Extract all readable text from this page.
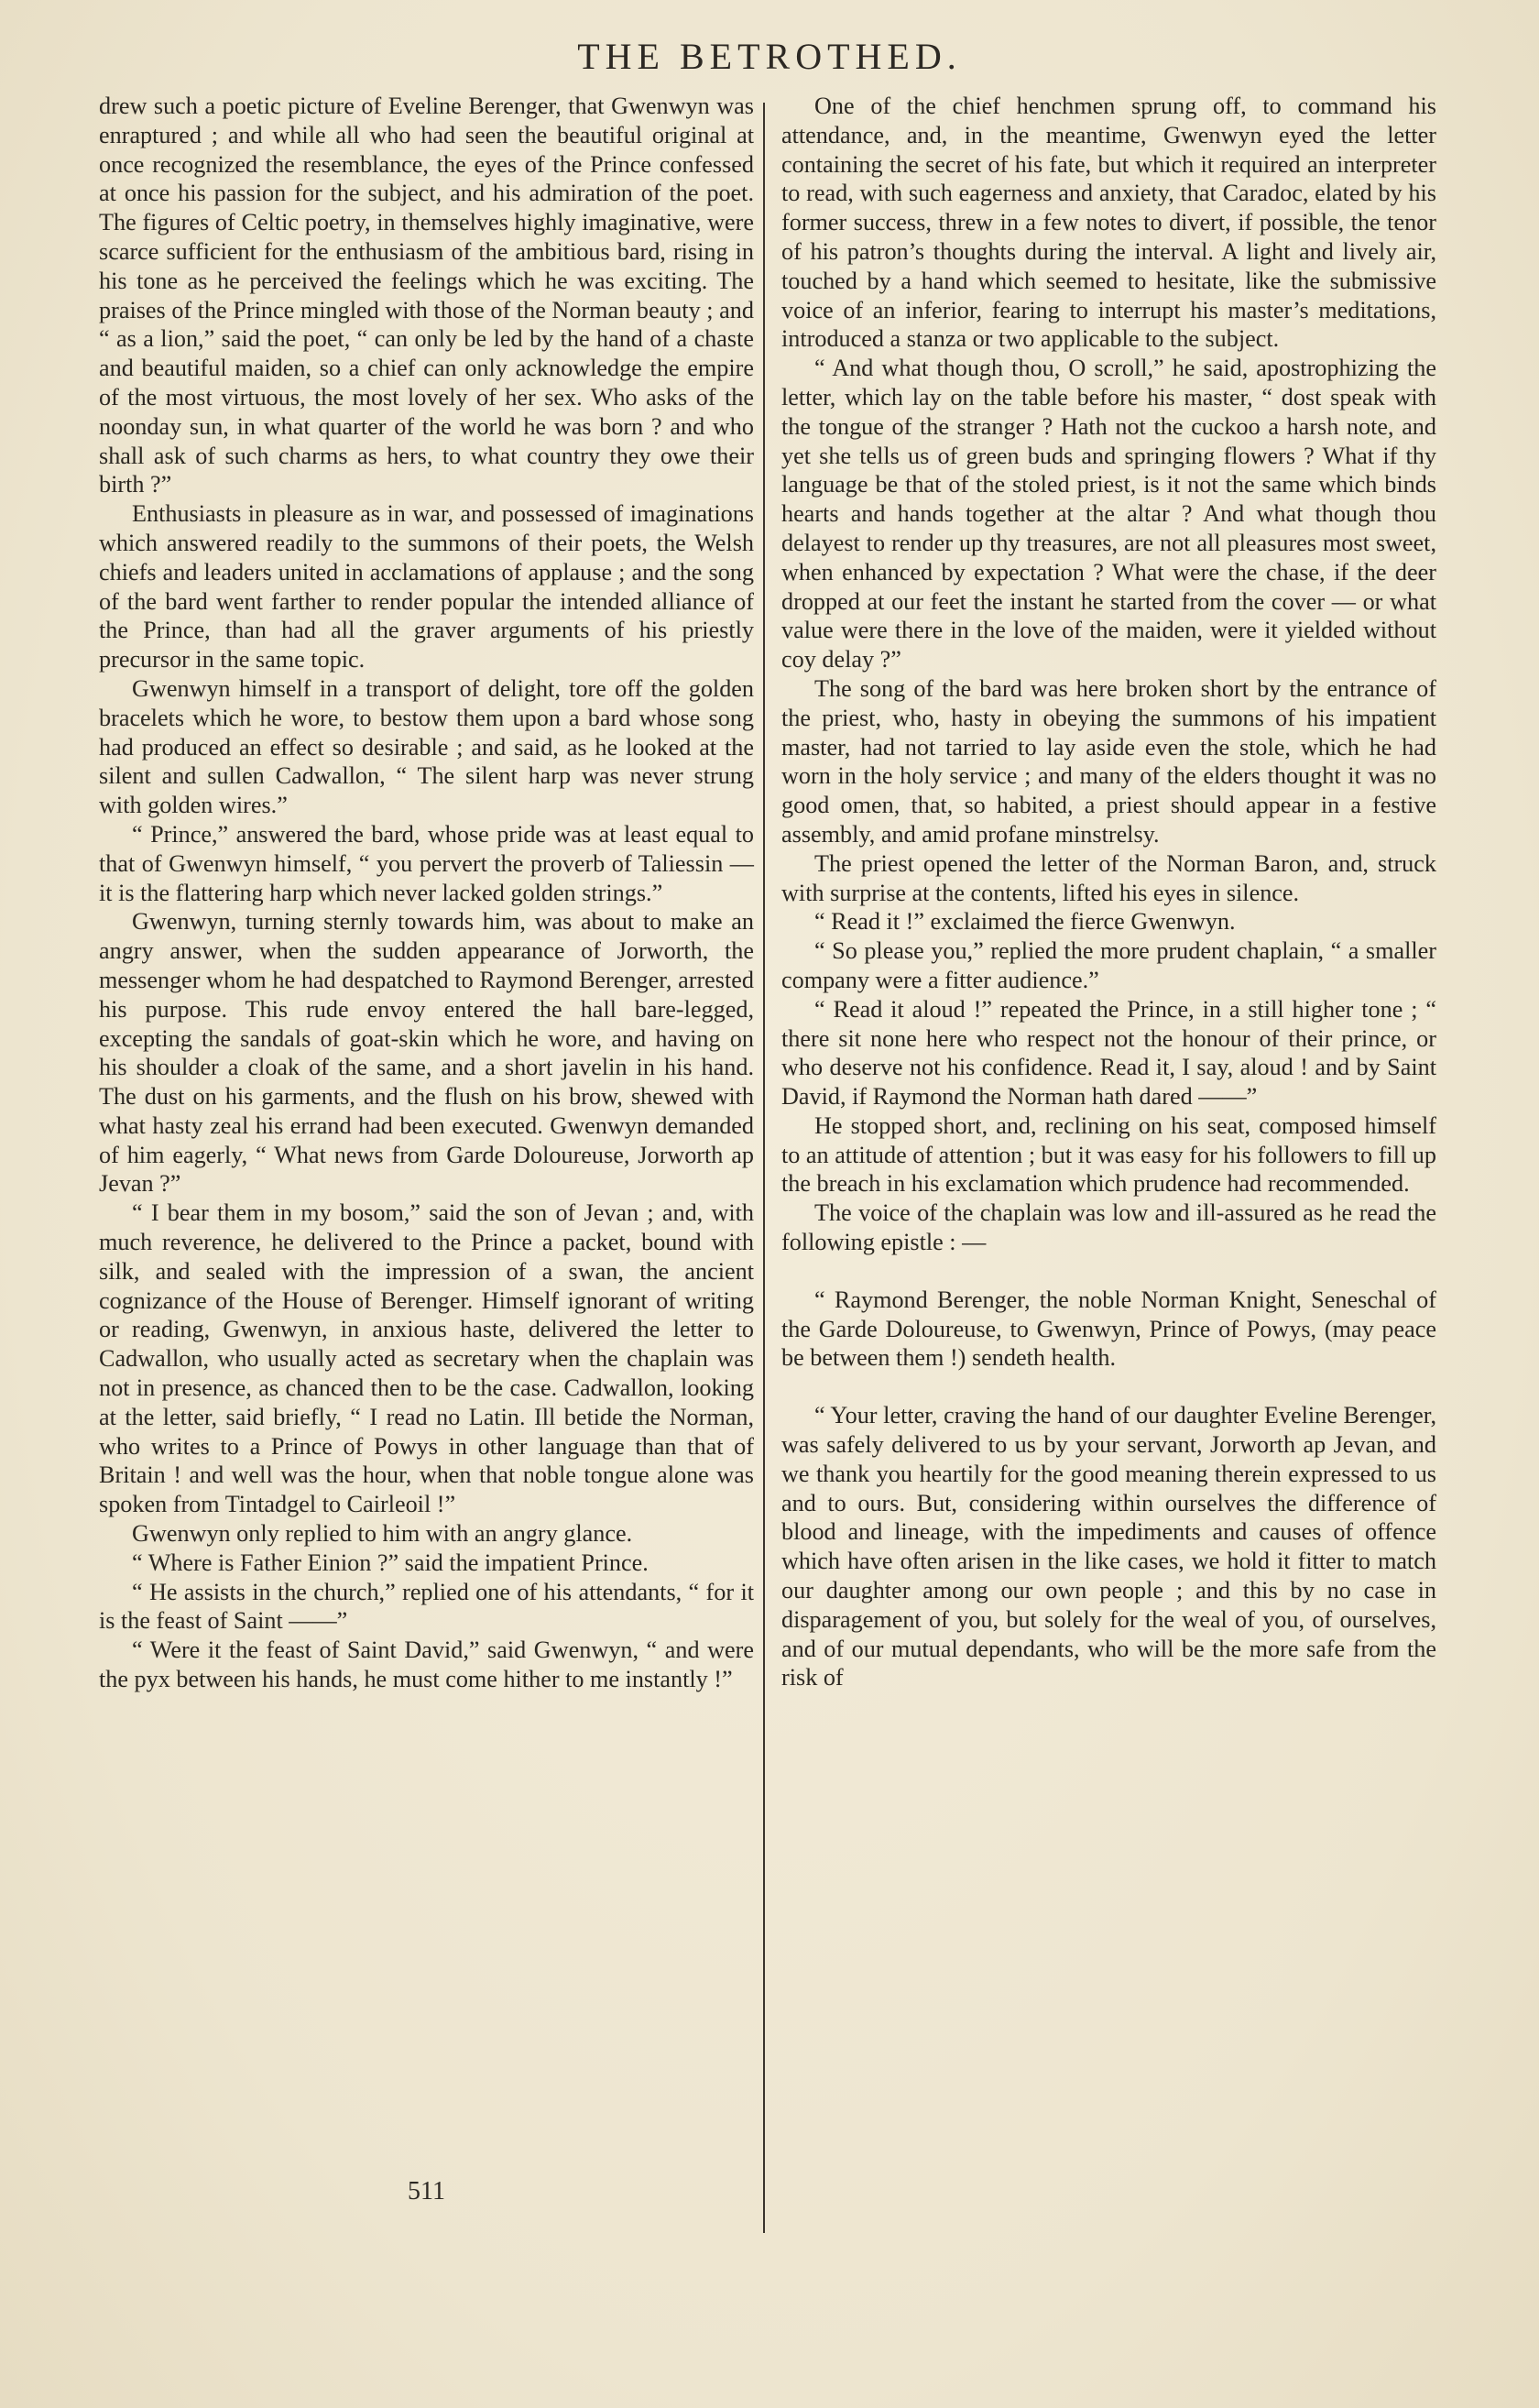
THE BETROTHED.

drew such a poetic picture of Eveline Berenger, that Gwenwyn was enraptured ; and while all who had seen the beautiful original at once recognized the resemblance, the eyes of the Prince confessed at once his passion for the subject, and his admiration of the poet. The figures of Celtic poetry, in themselves highly imaginative, were scarce sufficient for the enthusiasm of the ambitious bard, rising in his tone as he perceived the feelings which he was exciting. The praises of the Prince mingled with those of the Norman beauty ; and “ as a lion,” said the poet, “ can only be led by the hand of a chaste and beautiful maiden, so a chief can only acknowledge the empire of the most virtuous, the most lovely of her sex. Who asks of the noonday sun, in what quarter of the world he was born ? and who shall ask of such charms as hers, to what country they owe their birth ?”

Enthusiasts in pleasure as in war, and possessed of imaginations which answered readily to the summons of their poets, the Welsh chiefs and leaders united in acclamations of applause ; and the song of the bard went farther to render popular the intended alliance of the Prince, than had all the graver arguments of his priestly precursor in the same topic.

Gwenwyn himself in a transport of delight, tore off the golden bracelets which he wore, to bestow them upon a bard whose song had produced an effect so desirable ; and said, as he looked at the silent and sullen Cadwallon, “ The silent harp was never strung with golden wires.”

“ Prince,” answered the bard, whose pride was at least equal to that of Gwenwyn himself, “ you pervert the proverb of Taliessin — it is the flattering harp which never lacked golden strings.”

Gwenwyn, turning sternly towards him, was about to make an angry answer, when the sudden appearance of Jorworth, the messenger whom he had despatched to Raymond Berenger, arrested his purpose. This rude envoy entered the hall bare-legged, excepting the sandals of goat-skin which he wore, and having on his shoulder a cloak of the same, and a short javelin in his hand. The dust on his garments, and the flush on his brow, shewed with what hasty zeal his errand had been executed. Gwenwyn demanded of him eagerly, “ What news from Garde Doloureuse, Jorworth ap Jevan ?”

“ I bear them in my bosom,” said the son of Jevan ; and, with much reverence, he delivered to the Prince a packet, bound with silk, and sealed with the impression of a swan, the ancient cognizance of the House of Berenger. Himself ignorant of writing or reading, Gwenwyn, in anxious haste, delivered the letter to Cadwallon, who usually acted as secretary when the chaplain was not in presence, as chanced then to be the case. Cadwallon, looking at the letter, said briefly, “ I read no Latin. Ill betide the Norman, who writes to a Prince of Powys in other language than that of Britain ! and well was the hour, when that noble tongue alone was spoken from Tintadgel to Cairleoil !”

Gwenwyn only replied to him with an angry glance.

“ Where is Father Einion ?” said the impatient Prince.

“ He assists in the church,” replied one of his attendants, “ for it is the feast of Saint ——”

“ Were it the feast of Saint David,” said Gwenwyn, “ and were the pyx between his hands, he must come hither to me instantly !”

One of the chief henchmen sprung off, to command his attendance, and, in the meantime, Gwenwyn eyed the letter containing the secret of his fate, but which it required an interpreter to read, with such eagerness and anxiety, that Caradoc, elated by his former success, threw in a few notes to divert, if possible, the tenor of his patron’s thoughts during the interval. A light and lively air, touched by a hand which seemed to hesitate, like the submissive voice of an inferior, fearing to interrupt his master’s meditations, introduced a stanza or two applicable to the subject.

“ And what though thou, O scroll,” he said, apostrophizing the letter, which lay on the table before his master, “ dost speak with the tongue of the stranger ? Hath not the cuckoo a harsh note, and yet she tells us of green buds and springing flowers ? What if thy language be that of the stoled priest, is it not the same which binds hearts and hands together at the altar ? And what though thou delayest to render up thy treasures, are not all pleasures most sweet, when enhanced by expectation ? What were the chase, if the deer dropped at our feet the instant he started from the cover — or what value were there in the love of the maiden, were it yielded without coy delay ?”

The song of the bard was here broken short by the entrance of the priest, who, hasty in obeying the summons of his impatient master, had not tarried to lay aside even the stole, which he had worn in the holy service ; and many of the elders thought it was no good omen, that, so habited, a priest should appear in a festive assembly, and amid profane minstrelsy.

The priest opened the letter of the Norman Baron, and, struck with surprise at the contents, lifted his eyes in silence.

“ Read it !” exclaimed the fierce Gwenwyn.

“ So please you,” replied the more prudent chaplain, “ a smaller company were a fitter audience.”

“ Read it aloud !” repeated the Prince, in a still higher tone ; “ there sit none here who respect not the honour of their prince, or who deserve not his confidence. Read it, I say, aloud ! and by Saint David, if Raymond the Norman hath dared ——”

He stopped short, and, reclining on his seat, composed himself to an attitude of attention ; but it was easy for his followers to fill up the breach in his exclamation which prudence had recommended.

The voice of the chaplain was low and ill-assured as he read the following epistle : —

“ Raymond Berenger, the noble Norman Knight, Seneschal of the Garde Doloureuse, to Gwenwyn, Prince of Powys, (may peace be between them !) sendeth health.

“ Your letter, craving the hand of our daughter Eveline Berenger, was safely delivered to us by your servant, Jorworth ap Jevan, and we thank you heartily for the good meaning therein expressed to us and to ours. But, considering within ourselves the difference of blood and lineage, with the impediments and causes of offence which have often arisen in the like cases, we hold it fitter to match our daughter among our own people ; and this by no case in disparagement of you, but solely for the weal of you, of ourselves, and of our mutual dependants, who will be the more safe from the risk of

511
